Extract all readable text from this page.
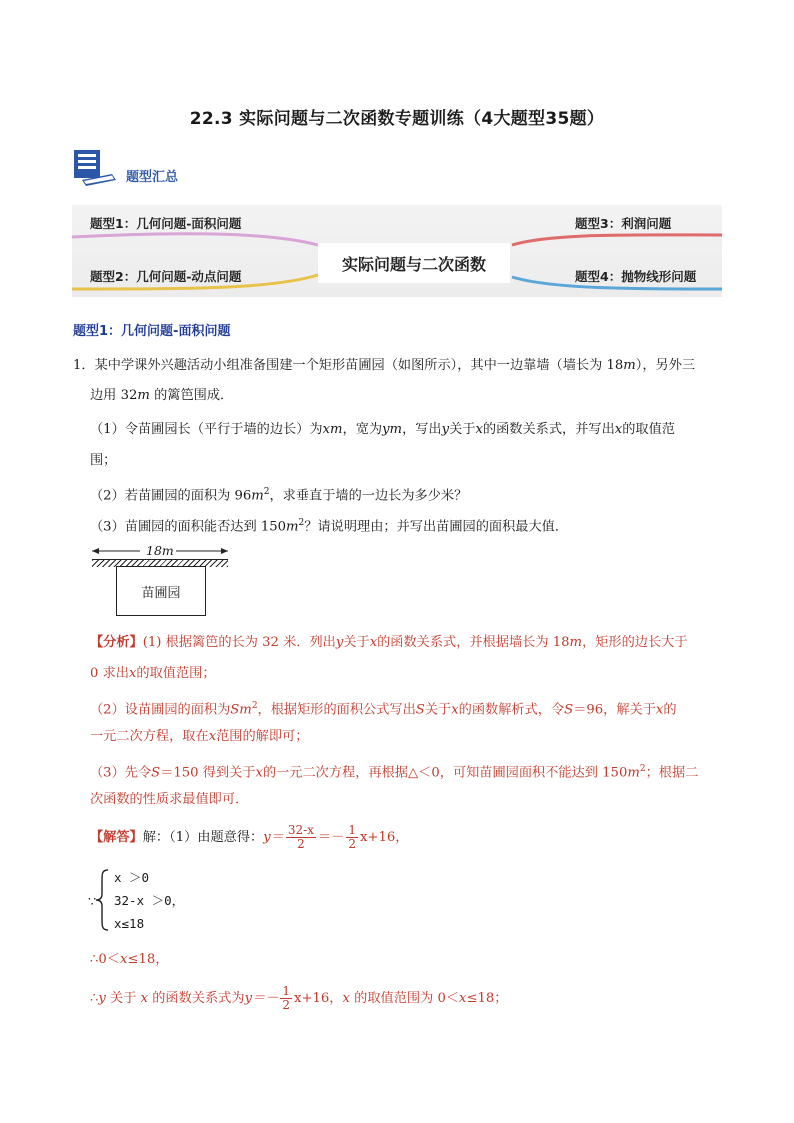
22.3 实际问题与二次函数专题训练（4大题型35题）
题型汇总
题型1：几何问题-面积问题
题型2：几何问题-动点问题
题型3：利润问题
题型4：抛物线形问题
实际问题与二次函数
题型1：几何问题-面积问题
1．某中学课外兴趣活动小组准备围建一个矩形苗圃园（如图所示），其中一边靠墙（墙长为 18m），另外三
边用 32m 的篱笆围成．
（1）令苗圃园长（平行于墙的边长）为xm，宽为ym，写出y关于x的函数关系式，并写出x的取值范
围；
（2）若苗圃园的面积为 $96m^2$，求垂直于墙的一边长为多少米？
（3）苗圃园的面积能否达到 $150m^2$？请说明理由；并写出苗圃园的面积最大值．
18m
苗圃园
【分析】(1) 根据篱笆的长为 32 米．列出y关于x的函数关系式，并根据墙长为 18m，矩形的边长大于
0 求出x的取值范围；
（2）设苗圃园的面积为Sm$^2$，根据矩形的面积公式写出S关于x的函数解析式，令S＝96，解关于x的
一元二次方程，取在x范围的解即可；
（3）先令S＝150 得到关于x的一元二次方程，再根据△＜0，可知苗圃园面积不能达到 $150m^2$；根据二
次函数的性质求最值即可．
【解答】解：（1）由题意得：$y= \frac{32-x}{2} =- \frac{1}{2} x+16$，
∵
x ＞0
32-x ＞0，
x≤18
∴0＜x≤18，
∴y 关于 x 的函数关系式为$y=- \frac{1}{2} x+16$，x 的取值范围为 0＜x≤18；
